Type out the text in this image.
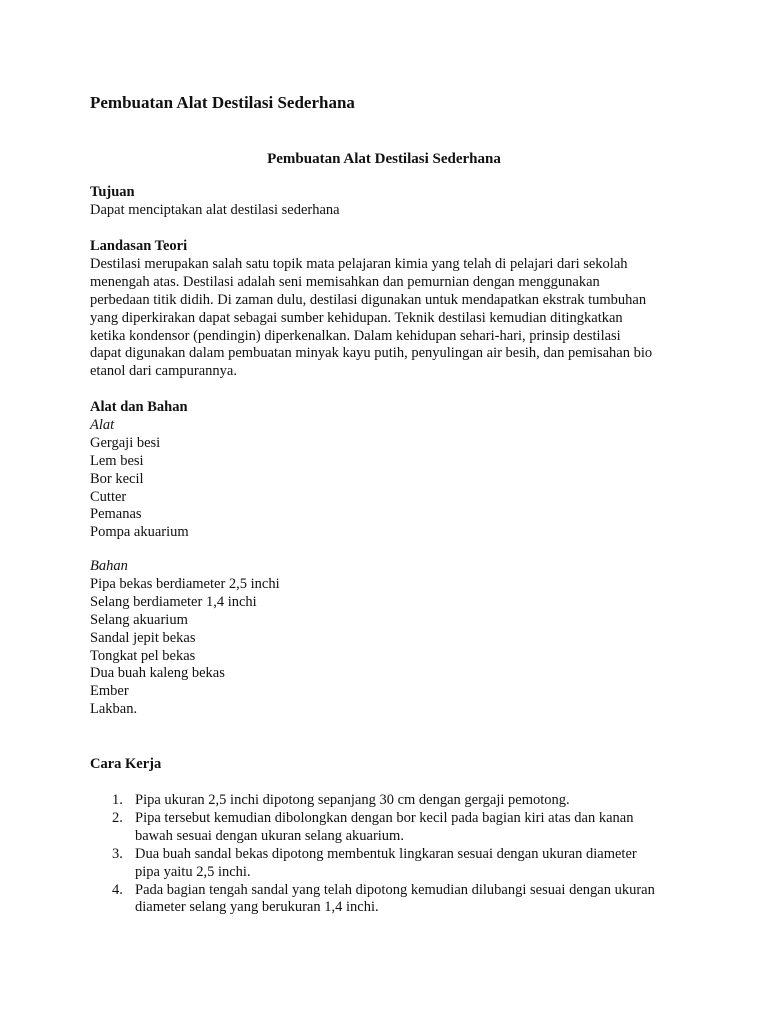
Pembuatan Alat Destilasi Sederhana
Pembuatan Alat Destilasi Sederhana
Tujuan
Dapat menciptakan alat destilasi sederhana
Landasan Teori
Destilasi merupakan salah satu topik mata pelajaran kimia yang telah di pelajari dari sekolah
menengah atas. Destilasi adalah seni memisahkan dan pemurnian dengan menggunakan
perbedaan titik didih. Di zaman dulu, destilasi digunakan untuk mendapatkan ekstrak tumbuhan
yang diperkirakan dapat sebagai sumber kehidupan. Teknik destilasi kemudian ditingkatkan
ketika kondensor (pendingin) diperkenalkan. Dalam kehidupan sehari-hari, prinsip destilasi
dapat digunakan dalam pembuatan minyak kayu putih, penyulingan air besih, dan pemisahan bio
etanol dari campurannya.
Alat dan Bahan
Alat
Gergaji besi
Lem besi
Bor kecil
Cutter
Pemanas
Pompa akuarium
Bahan
Pipa bekas berdiameter 2,5 inchi
Selang berdiameter 1,4 inchi
Selang akuarium
Sandal jepit bekas
Tongkat pel bekas
Dua buah kaleng bekas
Ember
Lakban.
Cara Kerja
1. Pipa ukuran 2,5 inchi dipotong sepanjang 30 cm dengan gergaji pemotong.
2. Pipa tersebut kemudian dibolongkan dengan bor kecil pada bagian kiri atas dan kanan
bawah sesuai dengan ukuran selang akuarium.
3. Dua buah sandal bekas dipotong membentuk lingkaran sesuai dengan ukuran diameter
pipa yaitu 2,5 inchi.
4. Pada bagian tengah sandal yang telah dipotong kemudian dilubangi sesuai dengan ukuran
diameter selang yang berukuran 1,4 inchi.
